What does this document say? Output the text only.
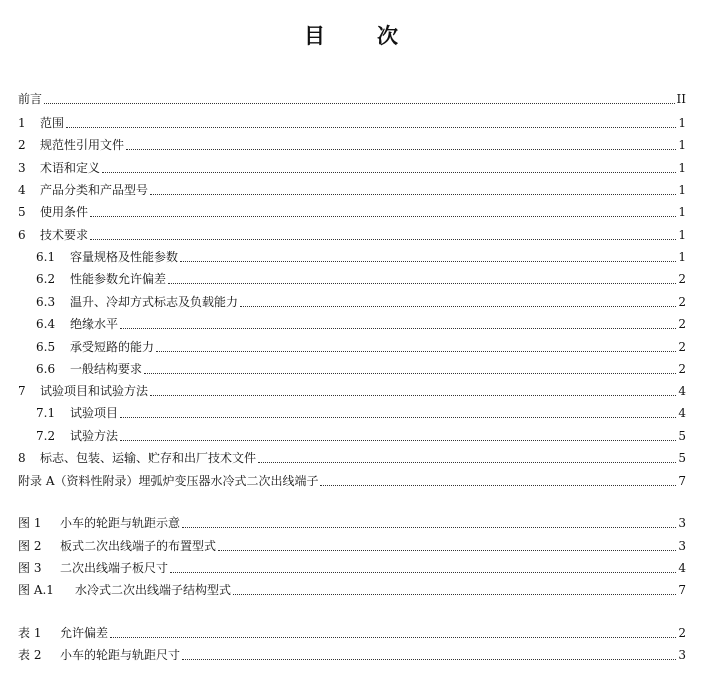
目 次
前言	II
1	范围	1
2	规范性引用文件	1
3	术语和定义	1
4	产品分类和产品型号	1
5	使用条件	1
6	技术要求	1
6.1	容量规格及性能参数	1
6.2	性能参数允许偏差	2
6.3	温升、冷却方式标志及负载能力	2
6.4	绝缘水平	2
6.5	承受短路的能力	2
6.6	一般结构要求	2
7	试验项目和试验方法	4
7.1	试验项目	4
7.2	试验方法	5
8	标志、包装、运输、贮存和出厂技术文件	5
附录 A（资料性附录）埋弧炉变压器水冷式二次出线端子	7
图 1	小车的轮距与轨距示意	3
图 2	板式二次出线端子的布置型式	3
图 3	二次出线端子板尺寸	4
图 A.1	水冷式二次出线端子结构型式	7
表 1	允许偏差	2
表 2	小车的轮距与轨距尺寸	3
